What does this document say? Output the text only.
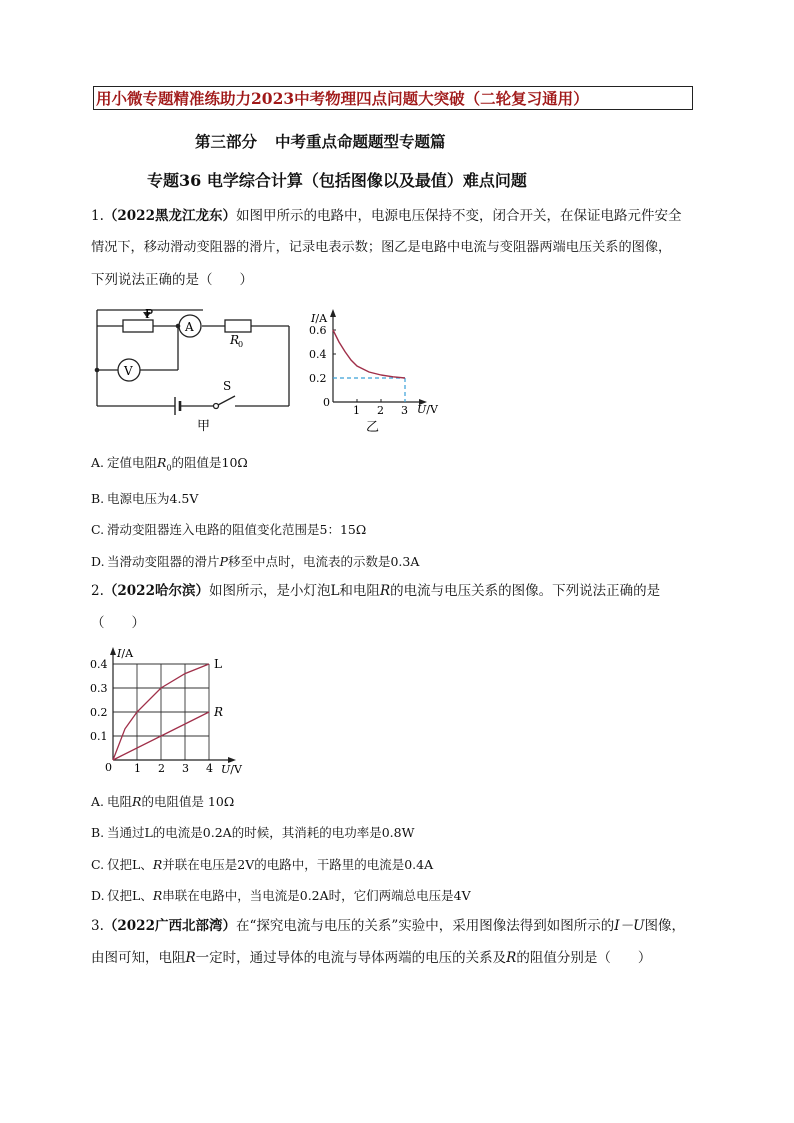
用小微专题精准练助力2023中考物理四点问题大突破（二轮复习通用）
第三部分 中考重点命题题型专题篇
专题36 电学综合计算（包括图像以及最值）难点问题
1.（2022黑龙江龙东）如图甲所示的电路中，电源电压保持不变，闭合开关，在保证电路元件安全
情况下，移动滑动变阻器的滑片，记录电表示数；图乙是电路中电流与变阻器两端电压关系的图像，
下列说法正确的是（　　）
P
A
V
S
R
0
甲
1 2 3
0.2
0.4
0.6
I/A
U/V
0
乙
A. 定值电阻$R_0$的阻值是10Ω
B. 电源电压为4.5V
C. 滑动变阻器连入电路的阻值变化范围是5：15Ω
D. 当滑动变阻器的滑片P移至中点时，电流表的示数是0.3A
2.（2022哈尔滨）如图所示，是小灯泡L和电阻R的电流与电压关系的图像。下列说法正确的是
（　　）
1 2 3 4
0.1
0.2
0.3
0.4	L
R
I/A
U/V
0
A. 电阻R的电阻值是 10Ω
B. 当通过L的电流是0.2A的时候，其消耗的电功率是0.8W
C. 仅把L、R并联在电压是2V的电路中，干路里的电流是0.4A
D. 仅把L、R串联在电路中，当电流是0.2A时，它们两端总电压是4V
3.（2022广西北部湾）在“探究电流与电压的关系”实验中，采用图像法得到如图所示的I－U图像，
由图可知，电阻R一定时，通过导体的电流与导体两端的电压的关系及R的阻值分别是（　　）
